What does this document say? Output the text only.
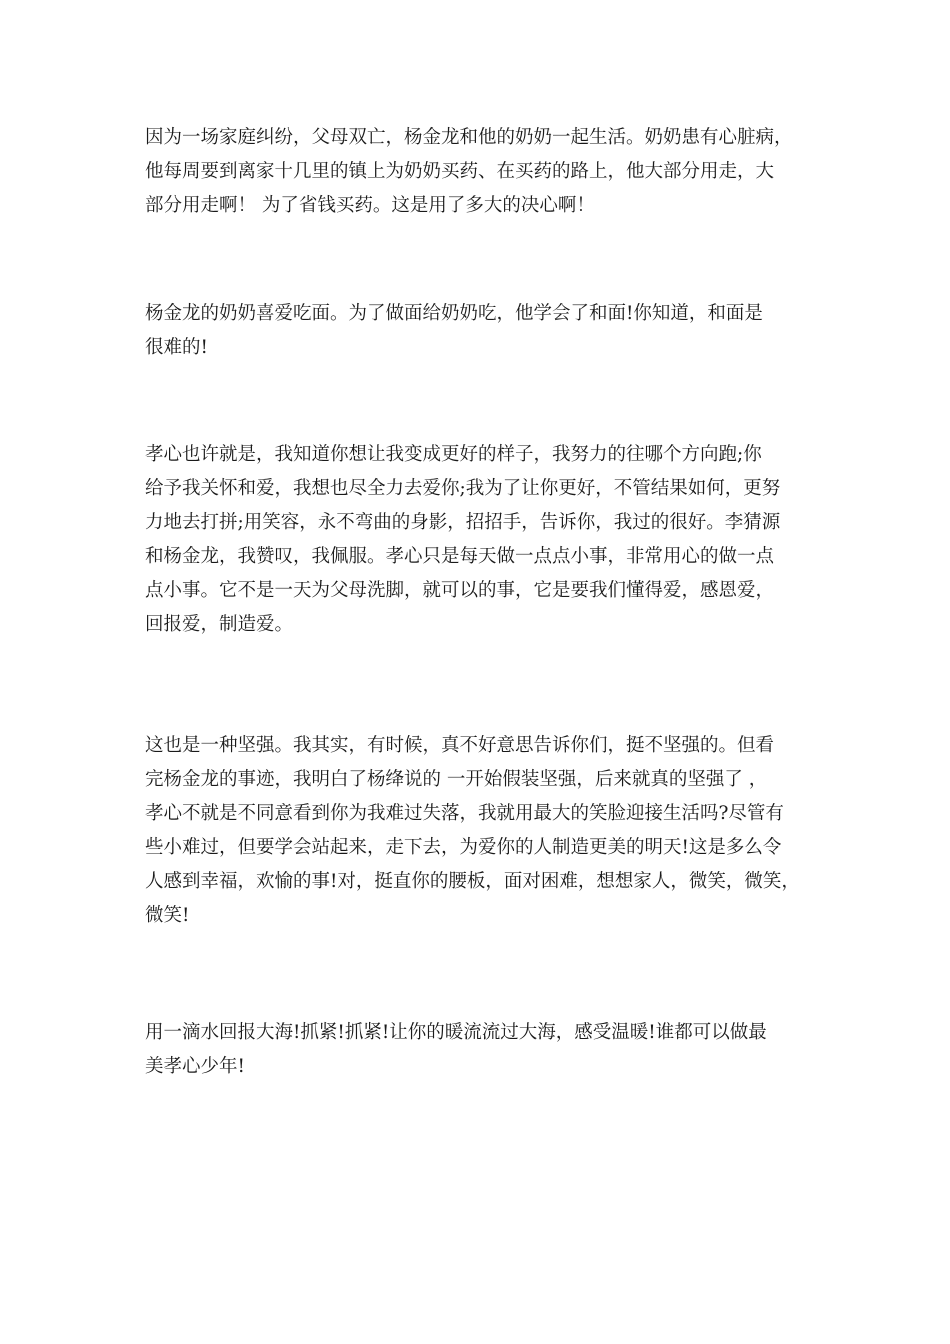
因为一场家庭纠纷，父母双亡，杨金龙和他的奶奶一起生活。奶奶患有心脏病，
他每周要到离家十几里的镇上为奶奶买药、在买药的路上，他大部分用走，大
部分用走啊！ 为了省钱买药。这是用了多大的决心啊！

杨金龙的奶奶喜爱吃面。为了做面给奶奶吃，他学会了和面!你知道，和面是
很难的!

孝心也许就是，我知道你想让我变成更好的样子，我努力的往哪个方向跑;你
给予我关怀和爱，我想也尽全力去爱你;我为了让你更好，不管结果如何，更努
力地去打拼;用笑容，永不弯曲的身影，招招手，告诉你，我过的很好。李猜源
和杨金龙，我赞叹，我佩服。孝心只是每天做一点点小事，非常用心的做一点
点小事。它不是一天为父母洗脚，就可以的事，它是要我们懂得爱，感恩爱，
回报爱，制造爱。

这也是一种坚强。我其实，有时候，真不好意思告诉你们，挺不坚强的。但看
完杨金龙的事迹，我明白了杨绛说的 一开始假装坚强，后来就真的坚强了 ，
孝心不就是不同意看到你为我难过失落，我就用最大的笑脸迎接生活吗?尽管有
些小难过，但要学会站起来，走下去，为爱你的人制造更美的明天!这是多么令
人感到幸福，欢愉的事!对，挺直你的腰板，面对困难，想想家人，微笑，微笑，
微笑!

用一滴水回报大海!抓紧!抓紧!让你的暖流流过大海，感受温暖!谁都可以做最
美孝心少年!
